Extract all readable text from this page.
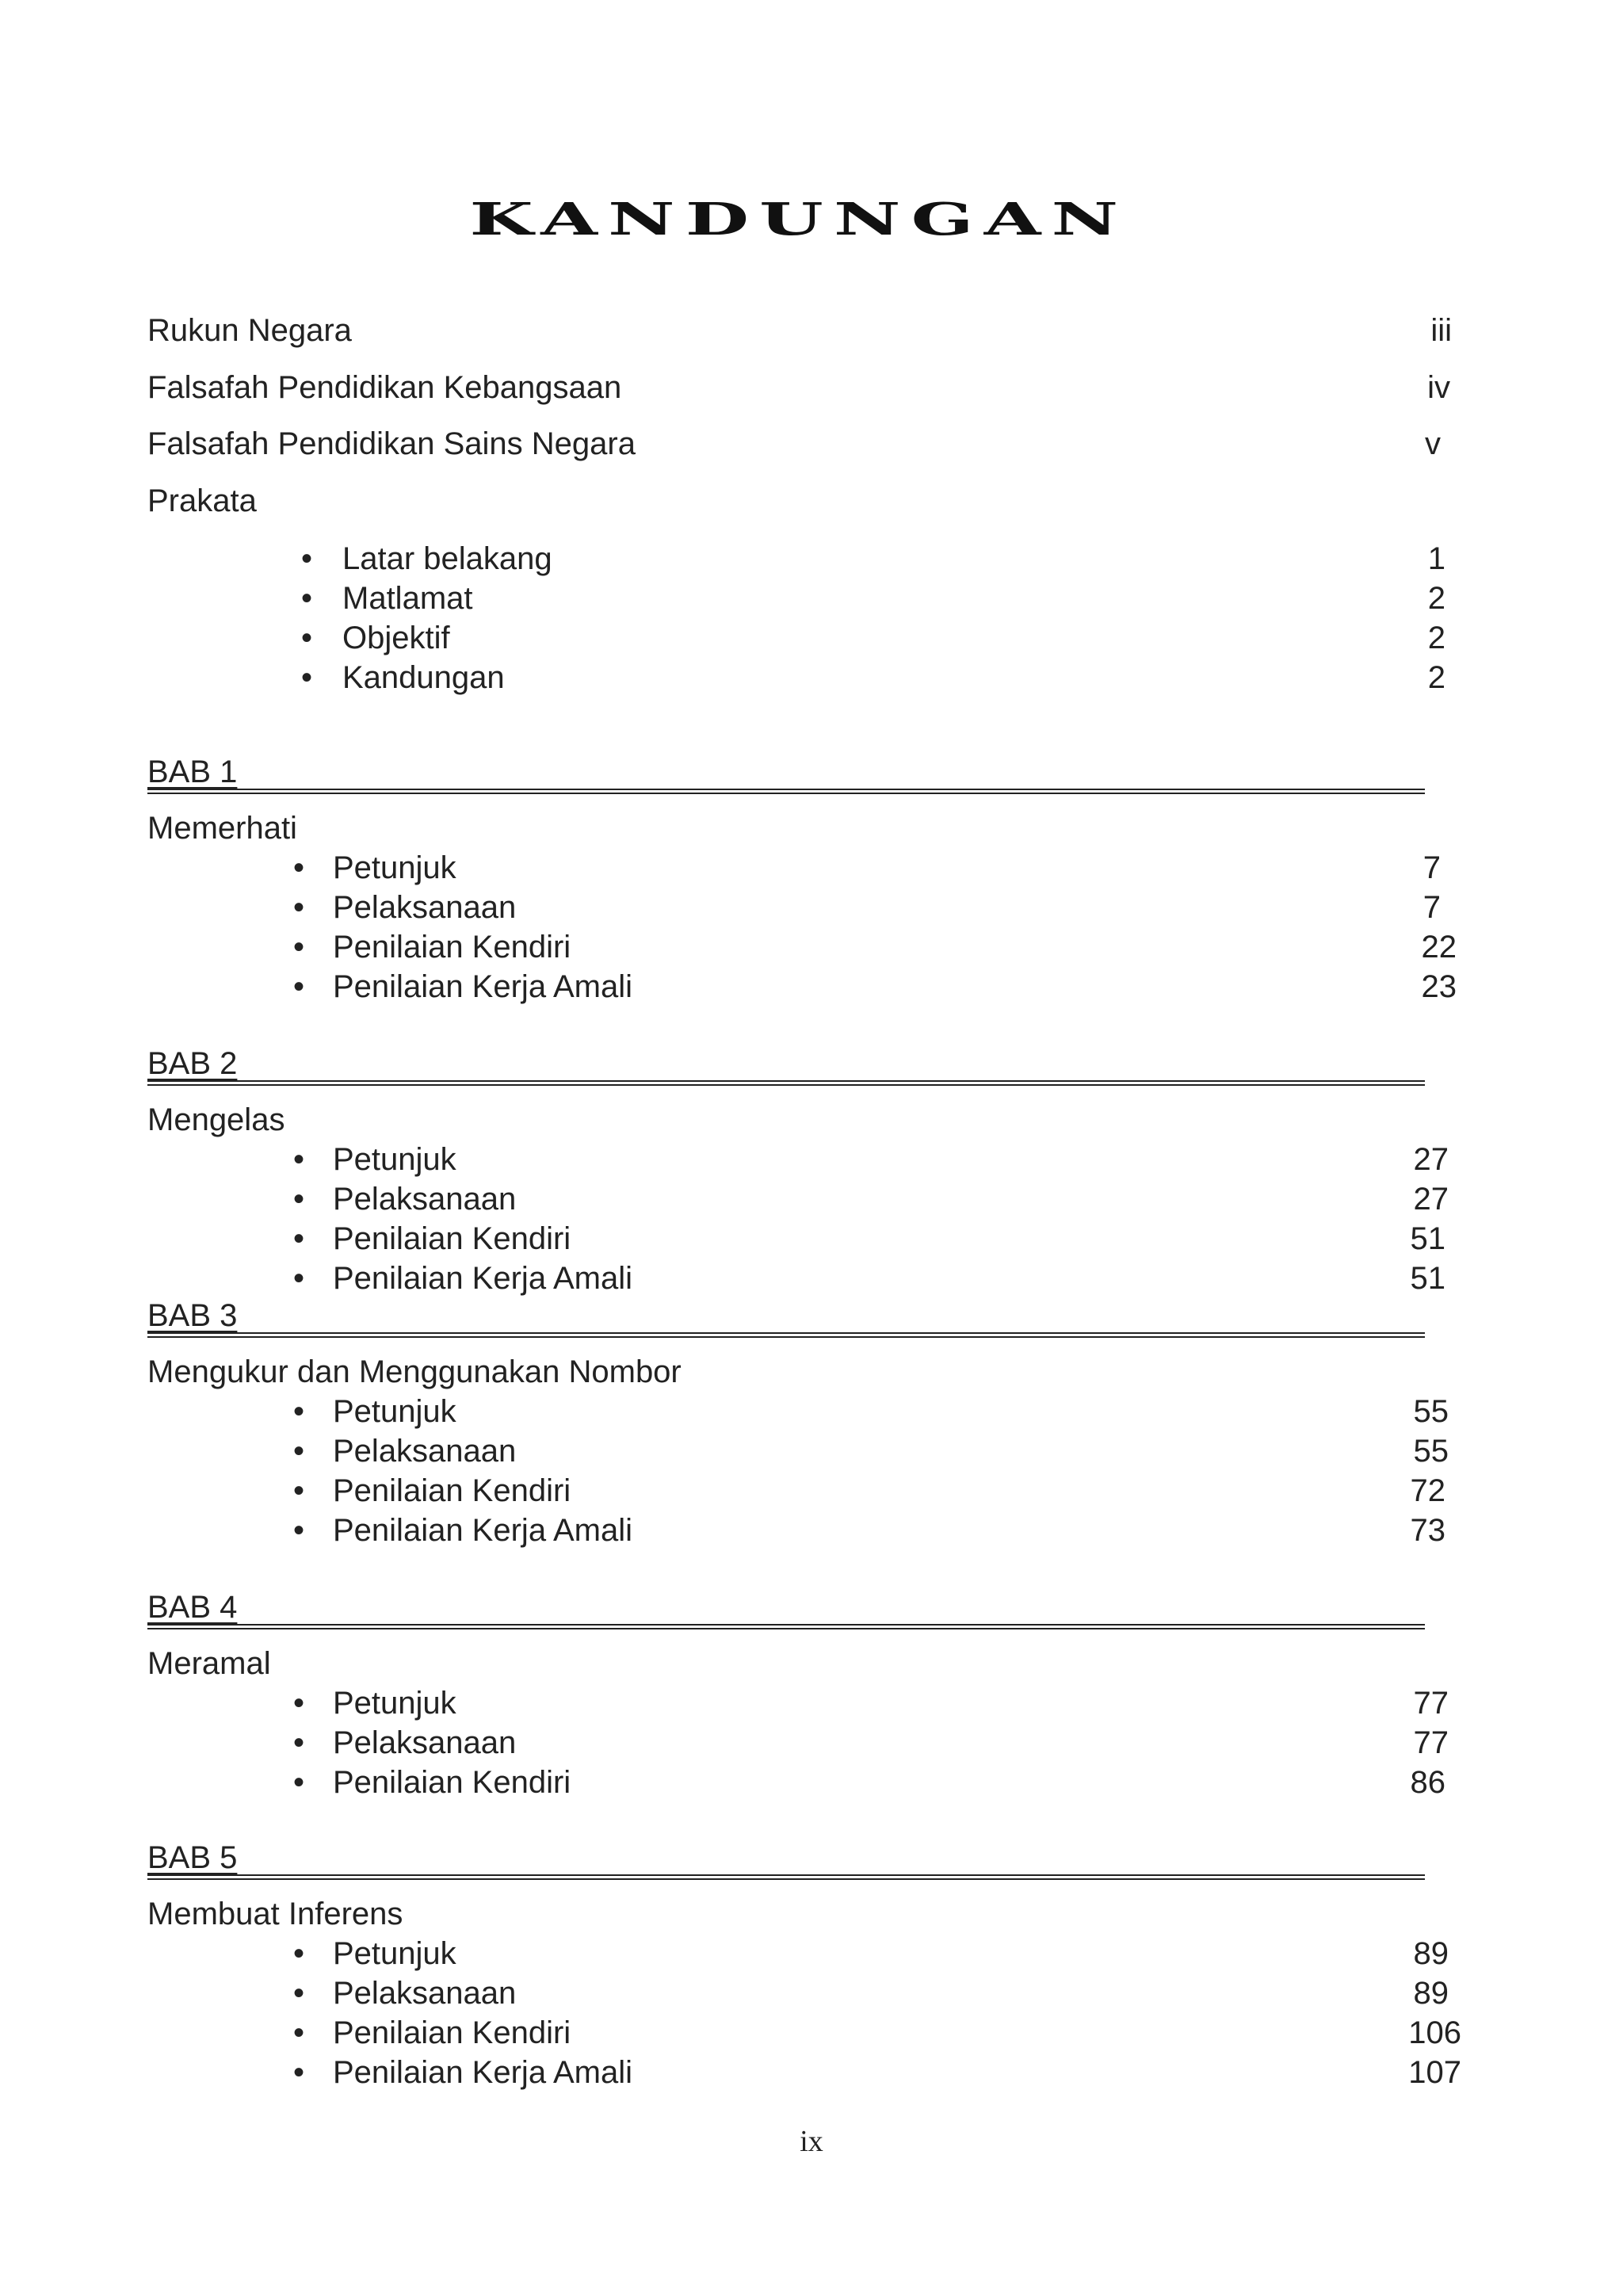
KANDUNGAN
Rukun Negara	iii
Falsafah Pendidikan Kebangsaan	iv
Falsafah Pendidikan Sains Negara	v
Prakata
• Latar belakang	1
• Matlamat	2
• Objektif	2
• Kandungan	2
BAB 1
Memerhati
• Petunjuk	7
• Pelaksanaan	7
• Penilaian Kendiri	22
• Penilaian Kerja Amali	23
BAB 2
Mengelas
• Petunjuk	27
• Pelaksanaan	27
• Penilaian Kendiri	51
• Penilaian Kerja Amali	51
BAB 3
Mengukur dan Menggunakan Nombor
• Petunjuk	55
• Pelaksanaan	55
• Penilaian Kendiri	72
• Penilaian Kerja Amali	73
BAB 4
Meramal
• Petunjuk	77
• Pelaksanaan	77
• Penilaian Kendiri	86
BAB 5
Membuat Inferens
• Petunjuk	89
• Pelaksanaan	89
• Penilaian Kendiri	106
• Penilaian Kerja Amali	107
ix
